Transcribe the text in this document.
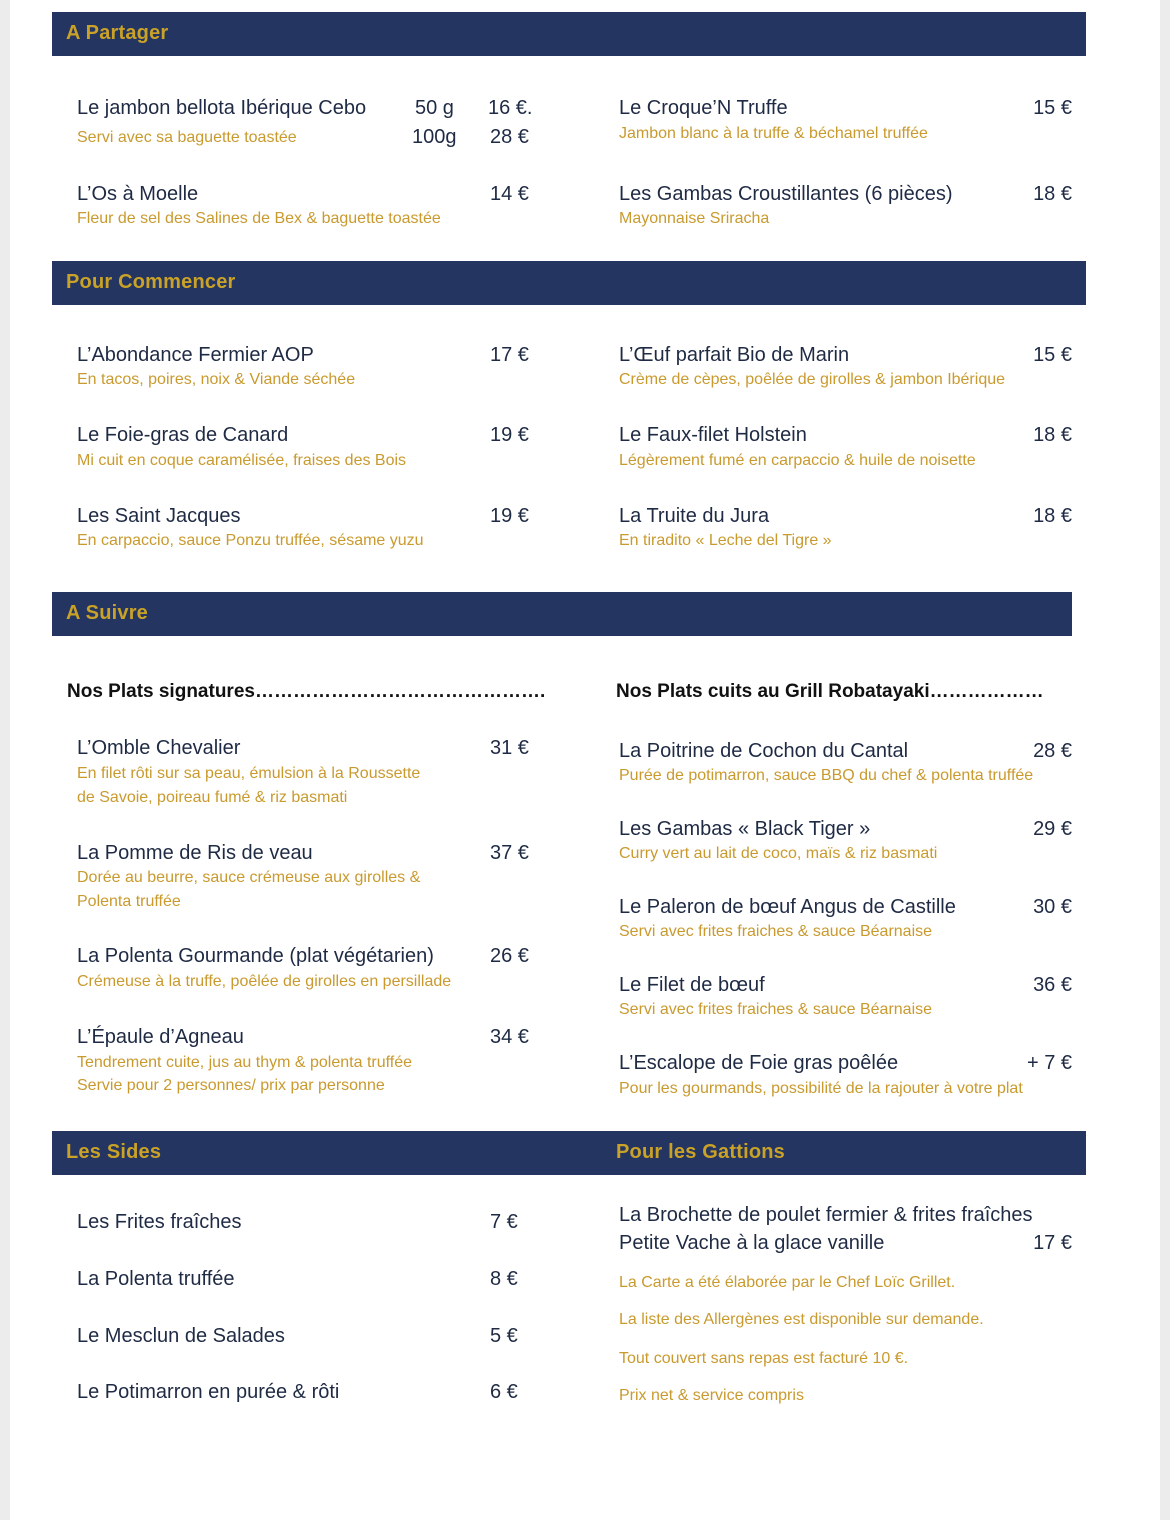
A Partager
Le jambon bellota Ibérique Cebo 50 g 16 €.
Servi avec sa baguette toastée	100g 28 €
Le Croque’N Truffe	15 €
Jambon blanc à la truffe & béchamel truffée
L’Os à Moelle	14 €
Fleur de sel des Salines de Bex & baguette toastée
Les Gambas Croustillantes (6 pièces)	18 €
Mayonnaise Sriracha
Pour Commencer
L’Abondance Fermier AOP	17 €
En tacos, poires, noix & Viande séchée
L’Œuf parfait Bio de Marin	15 €
Crème de cèpes, poêlée de girolles & jambon Ibérique
Le Foie-gras de Canard	19 €
Mi cuit en coque caramélisée, fraises des Bois
Le Faux-filet Holstein	18 €
Légèrement fumé en carpaccio & huile de noisette
Les Saint Jacques	19 €
En carpaccio, sauce Ponzu truffée, sésame yuzu
La Truite du Jura	18 €
En tiradito « Leche del Tigre »
A Suivre
Nos Plats signatures……………………………………….	Nos Plats cuits au Grill Robatayaki………………
L’Omble Chevalier	31 €
En filet rôti sur sa peau, émulsion à la Roussette
de Savoie, poireau fumé & riz basmati
La Pomme de Ris de veau	37 €
Dorée au beurre, sauce crémeuse aux girolles &
Polenta truffée
La Polenta Gourmande (plat végétarien)	26 €
Crémeuse à la truffe, poêlée de girolles en persillade
L’Épaule d’Agneau	34 €
Tendrement cuite, jus au thym & polenta truffée
Servie pour 2 personnes/ prix par personne
La Poitrine de Cochon du Cantal	28 €
Purée de potimarron, sauce BBQ du chef & polenta truffée
Les Gambas « Black Tiger »	29 €
Curry vert au lait de coco, maïs & riz basmati
Le Paleron de bœuf Angus de Castille	30 €
Servi avec frites fraiches & sauce Béarnaise
Le Filet de bœuf	36 €
Servi avec frites fraiches & sauce Béarnaise
L’Escalope de Foie gras poêlée	+ 7 €
Pour les gourmands, possibilité de la rajouter à votre plat
Les Sides	Pour les Gattions
Les Frites fraîches	7 €
La Polenta truffée	8 €
Le Mesclun de Salades	5 €
Le Potimarron en purée & rôti	6 €
La Brochette de poulet fermier & frites fraîches
Petite Vache à la glace vanille	17 €
La Carte a été élaborée par le Chef Loïc Grillet.
La liste des Allergènes est disponible sur demande.
Tout couvert sans repas est facturé 10 €.
Prix net & service compris
